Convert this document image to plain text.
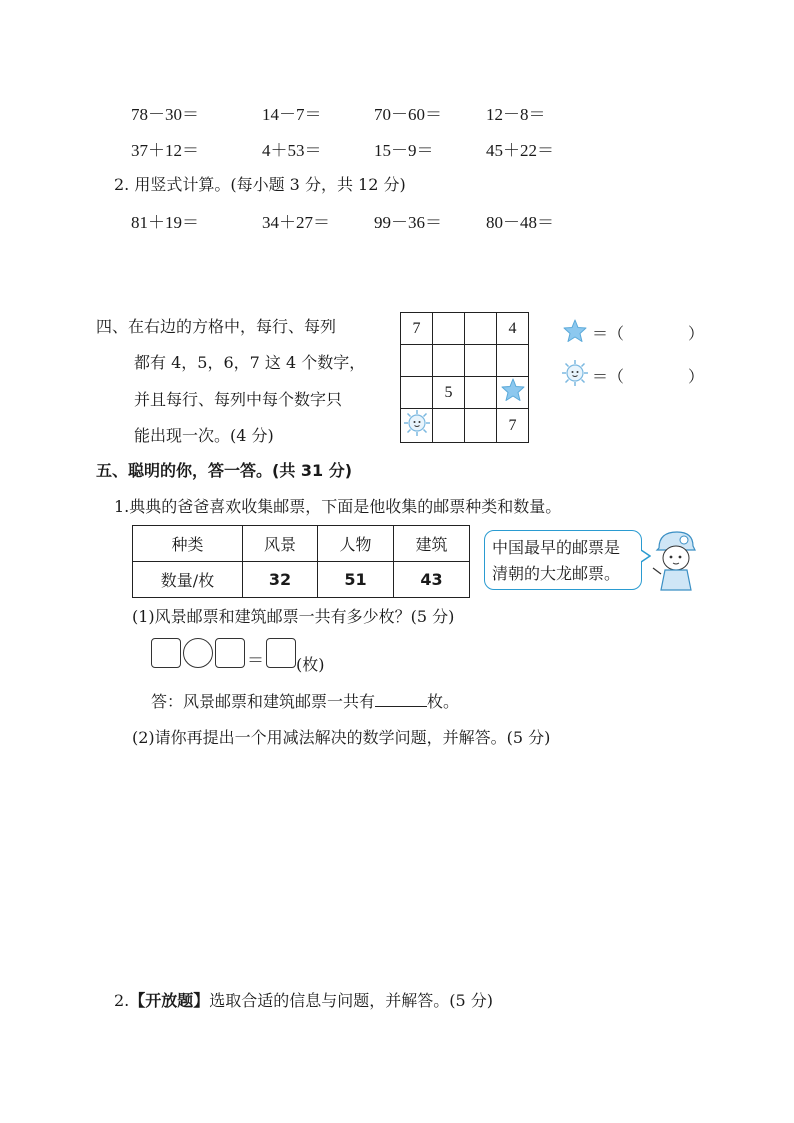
78－30＝	14－7＝	70－60＝	12－8＝
37＋12＝	4＋53＝	15－9＝	45＋22＝
2. 用竖式计算。(每小题 3 分，共 12 分)
81＋19＝	34＋27＝	99－36＝	80－48＝
四、在右边的方格中，每行、每列
都有 4，5，6，7 这 4 个数字，
并且每行、每列中每个数字只
能出现一次。(4 分)
7			4

	5		
			7
＝（　　　　）
＝（　　　　）
五、聪明的你，答一答。(共 31 分)
1.典典的爸爸喜欢收集邮票，下面是他收集的邮票种类和数量。
种类	风景	人物	建筑
数量/枚	32	51	43
中国最早的邮票是
清朝的大龙邮票。
(1)风景邮票和建筑邮票一共有多少枚？(5 分)
＝ (枚)
答：风景邮票和建筑邮票一共有	枚。
(2)请你再提出一个用减法解决的数学问题，并解答。(5 分)
2.【开放题】选取合适的信息与问题，并解答。(5 分)
